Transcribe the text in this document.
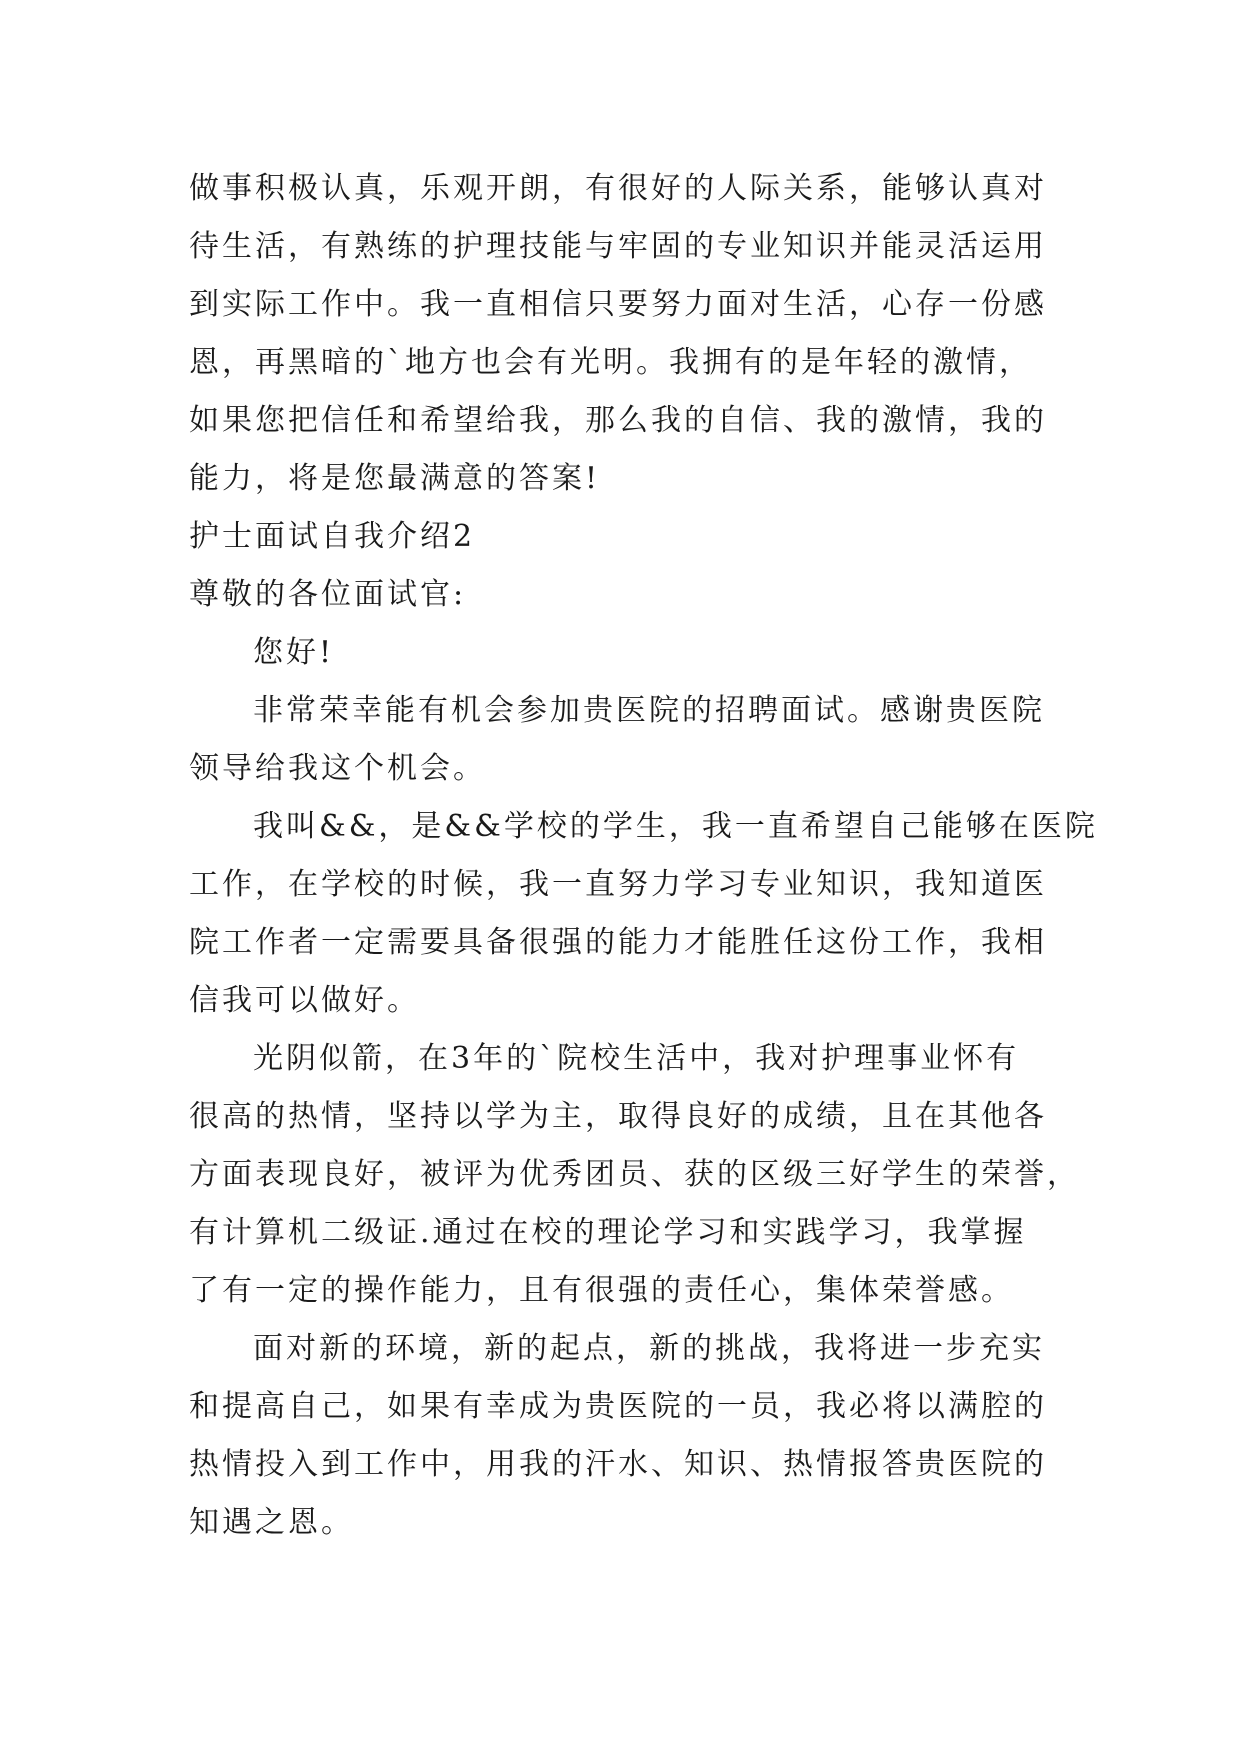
做事积极认真，乐观开朗，有很好的人际关系，能够认真对
待生活，有熟练的护理技能与牢固的专业知识并能灵活运用
到实际工作中。我一直相信只要努力面对生活，心存一份感
恩，再黑暗的`地方也会有光明。我拥有的是年轻的激情，
如果您把信任和希望给我，那么我的自信、我的激情，我的
能力，将是您最满意的答案!
护士面试自我介绍2
尊敬的各位面试官:
您好!
非常荣幸能有机会参加贵医院的招聘面试。感谢贵医院
领导给我这个机会。
我叫&&，是&&学校的学生，我一直希望自己能够在医院
工作，在学校的时候，我一直努力学习专业知识，我知道医
院工作者一定需要具备很强的能力才能胜任这份工作，我相
信我可以做好。
光阴似箭，在3年的`院校生活中，我对护理事业怀有
很高的热情，坚持以学为主，取得良好的成绩，且在其他各
方面表现良好，被评为优秀团员、获的区级三好学生的荣誉，
有计算机二级证.通过在校的理论学习和实践学习，我掌握
了有一定的操作能力，且有很强的责任心，集体荣誉感。
面对新的环境，新的起点，新的挑战，我将进一步充实
和提高自己，如果有幸成为贵医院的一员，我必将以满腔的
热情投入到工作中，用我的汗水、知识、热情报答贵医院的
知遇之恩。
